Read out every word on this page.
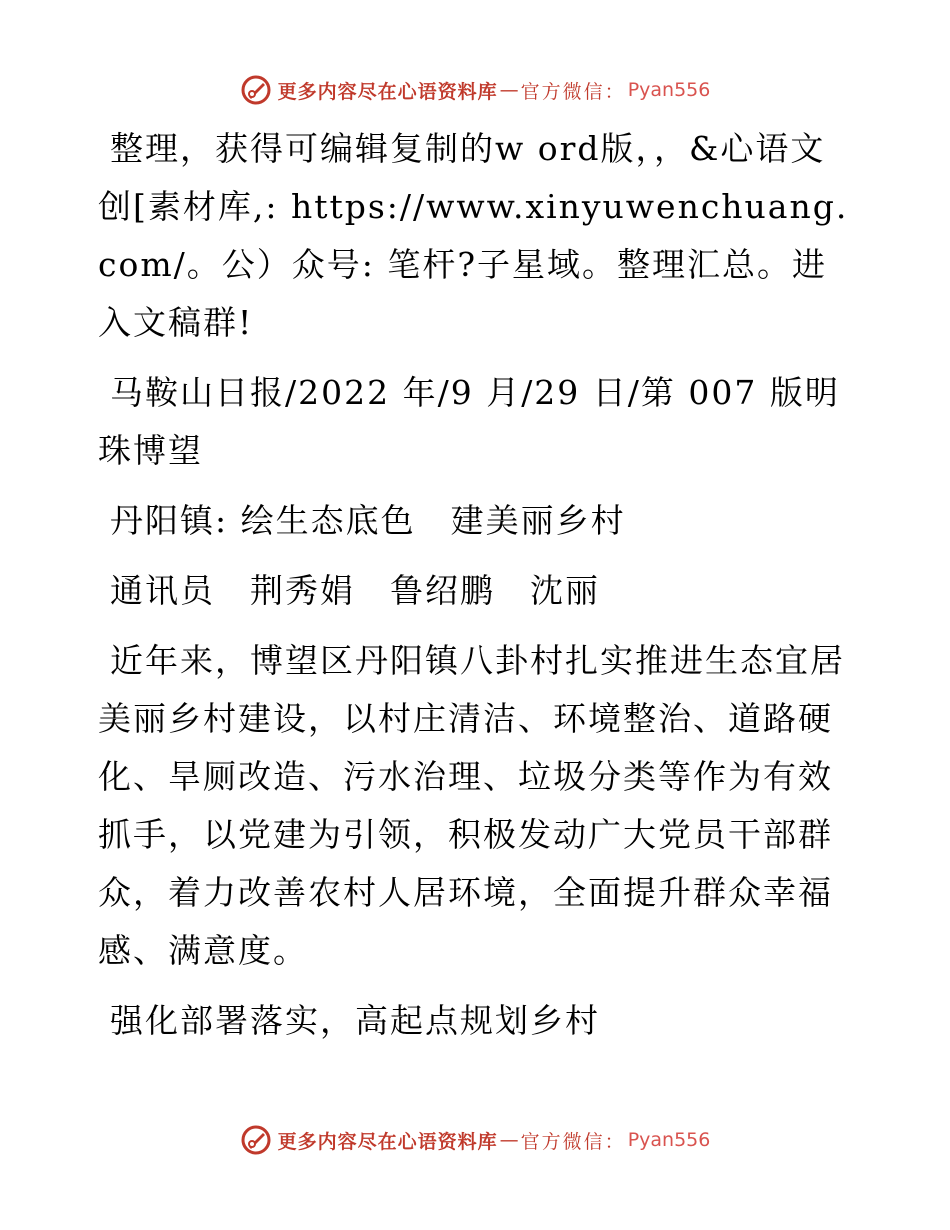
更多内容尽在心语资料库 — 官方微信： Pyan556

整理，获得可编辑复制的w ord版，，&心语文创[素材库,: https://www.xinyuwenchuang.com/。公）众号: 笔杆?子星域。整理汇总。进入文稿群!

马鞍山日报/2022 年/9 月/29 日/第 007 版明珠博望

丹阳镇: 绘生态底色　建美丽乡村

通讯员　荆秀娟　鲁绍鹏　沈丽

近年来，博望区丹阳镇八卦村扎实推进生态宜居美丽乡村建设，以村庄清洁、环境整治、道路硬化、旱厕改造、污水治理、垃圾分类等作为有效抓手，以党建为引领，积极发动广大党员干部群众，着力改善农村人居环境，全面提升群众幸福感、满意度。

强化部署落实，高起点规划乡村

更多内容尽在心语资料库 — 官方微信： Pyan556
